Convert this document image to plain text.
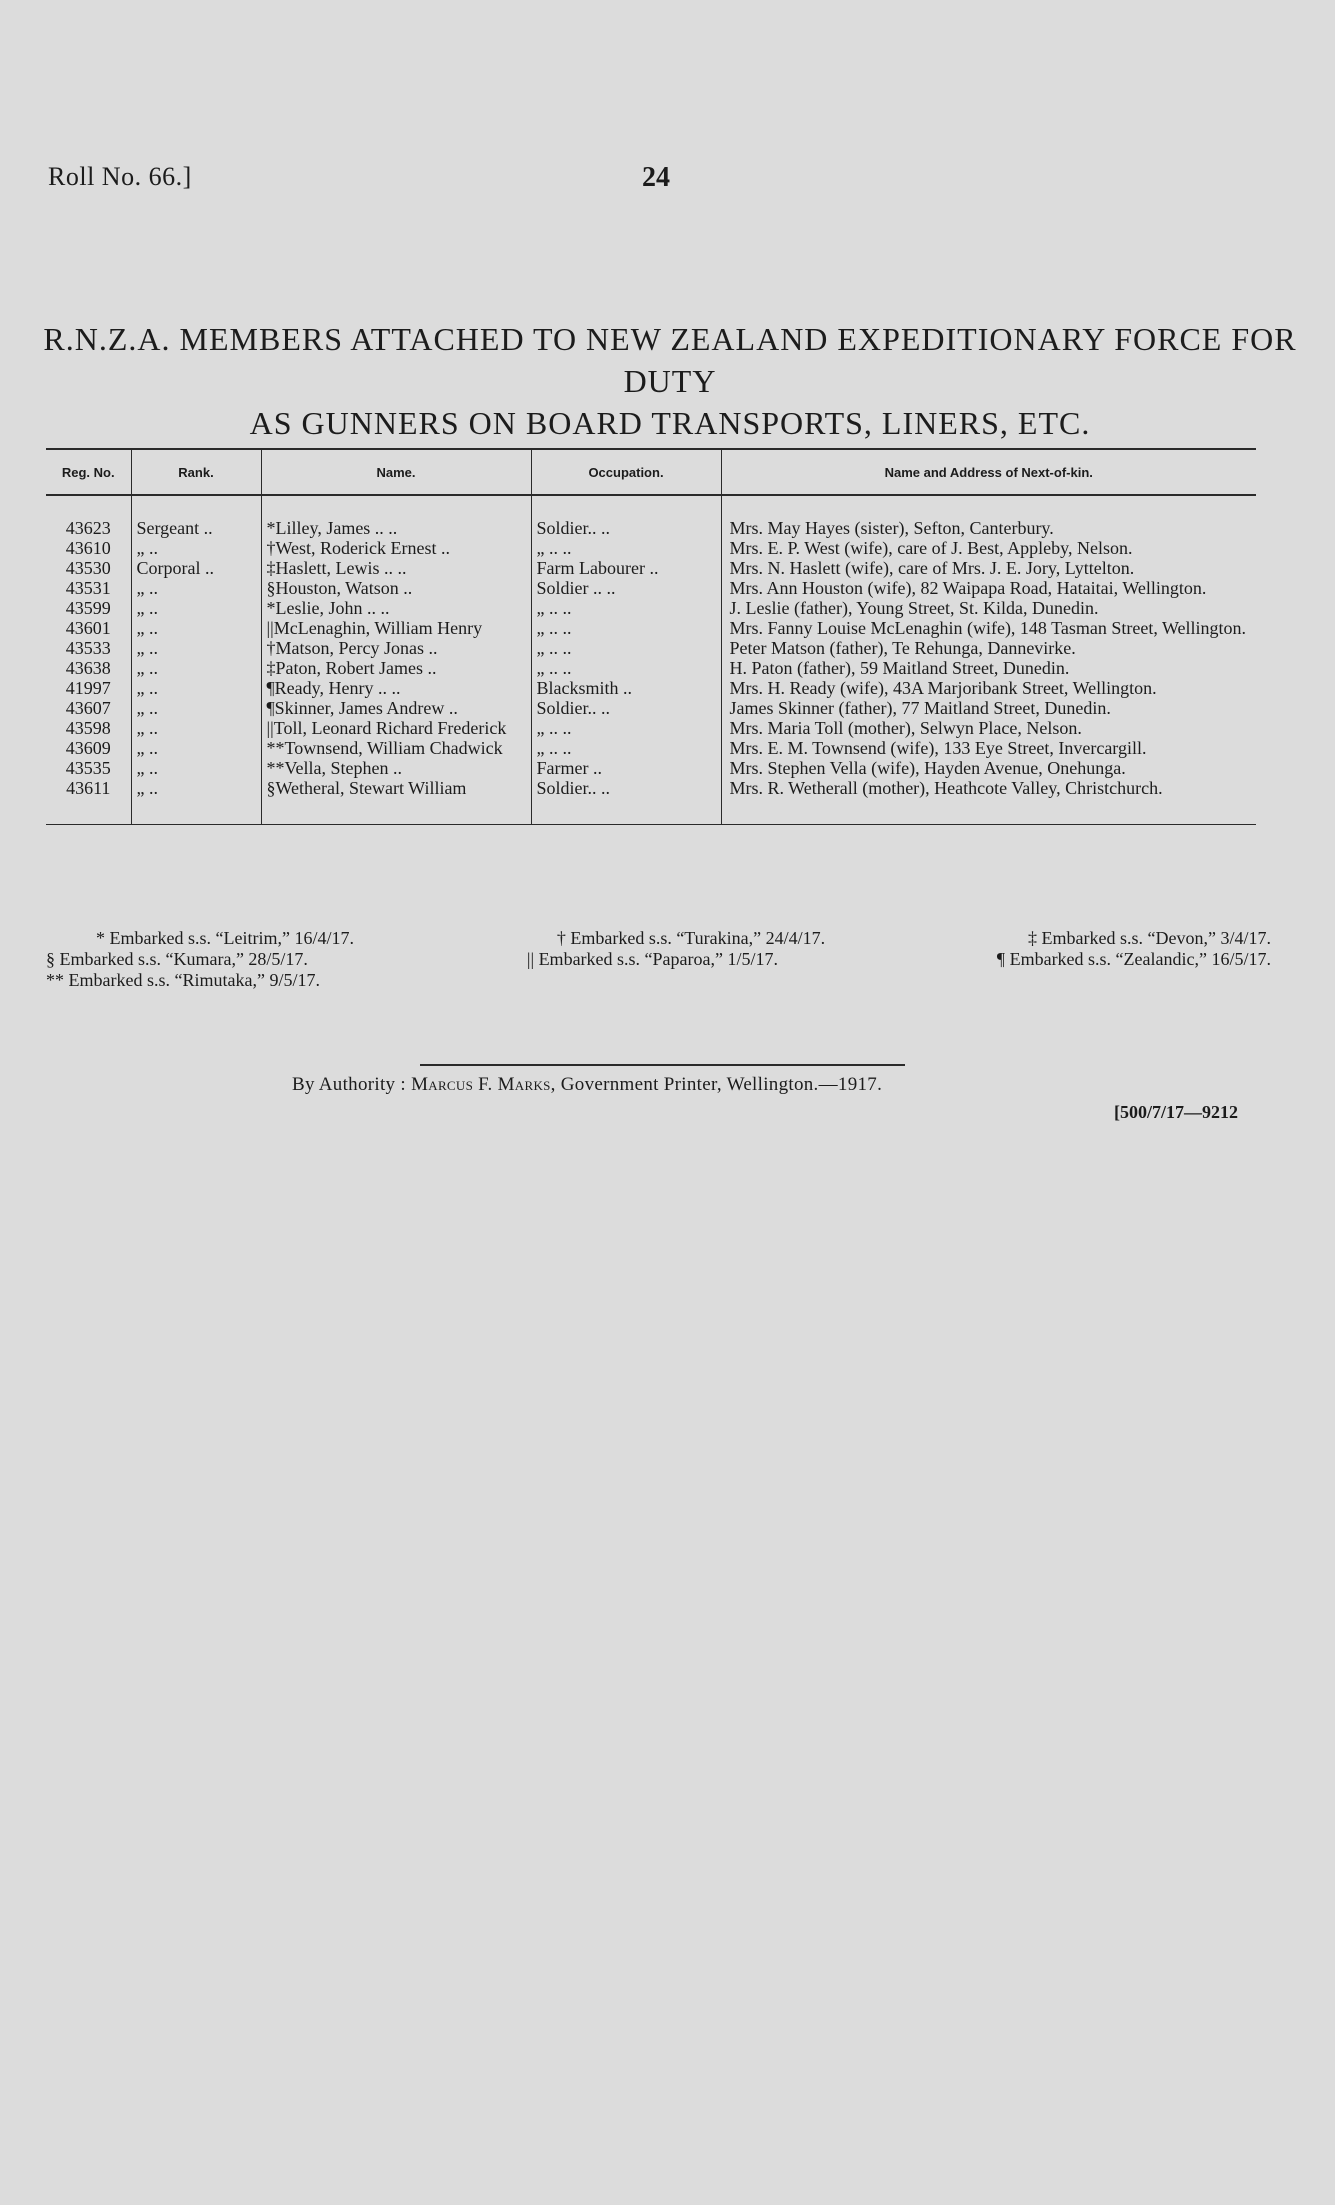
Roll No. 66.]	24
R.N.Z.A. MEMBERS ATTACHED TO NEW ZEALAND EXPEDITIONARY FORCE FOR DUTY
AS GUNNERS ON BOARD TRANSPORTS, LINERS, ETC.
Reg. No.	Rank.	Name.	Occupation.	Name and Address of Next-of-kin.

43623	Sergeant ..	*Lilley, James .. ..	Soldier.. ..	Mrs. May Hayes (sister), Sefton, Canterbury.
43610	„ ..	†West, Roderick Ernest ..	„ .. ..	Mrs. E. P. West (wife), care of J. Best, Appleby, Nelson.
43530	Corporal ..	‡Haslett, Lewis .. ..	Farm Labourer ..	Mrs. N. Haslett (wife), care of Mrs. J. E. Jory, Lyttelton.
43531	„ ..	§Houston, Watson ..	Soldier .. ..	Mrs. Ann Houston (wife), 82 Waipapa Road, Hataitai, Wellington.
43599	„ ..	*Leslie, John .. ..	„ .. ..	J. Leslie (father), Young Street, St. Kilda, Dunedin.
43601	„ ..	||McLenaghin, William Henry	„ .. ..	Mrs. Fanny Louise McLenaghin (wife), 148 Tasman Street, Wellington.
43533	„ ..	†Matson, Percy Jonas ..	„ .. ..	Peter Matson (father), Te Rehunga, Dannevirke.
43638	„ ..	‡Paton, Robert James ..	„ .. ..	H. Paton (father), 59 Maitland Street, Dunedin.
41997	„ ..	¶Ready, Henry .. ..	Blacksmith ..	Mrs. H. Ready (wife), 43A Marjoribank Street, Wellington.
43607	„ ..	¶Skinner, James Andrew ..	Soldier.. ..	James Skinner (father), 77 Maitland Street, Dunedin.
43598	„ ..	||Toll, Leonard Richard Frederick	„ .. ..	Mrs. Maria Toll (mother), Selwyn Place, Nelson.
43609	„ ..	**Townsend, William Chadwick	„ .. ..	Mrs. E. M. Townsend (wife), 133 Eye Street, Invercargill.
43535	„ ..	**Vella, Stephen ..	Farmer ..	Mrs. Stephen Vella (wife), Hayden Avenue, Onehunga.
43611	„ ..	§Wetheral, Stewart William	Soldier.. ..	Mrs. R. Wetherall (mother), Heathcote Valley, Christchurch.

* Embarked s.s. “Leitrim,” 16/4/17.	† Embarked s.s. “Turakina,” 24/4/17.	‡ Embarked s.s. “Devon,” 3/4/17.
§ Embarked s.s. “Kumara,” 28/5/17.	|| Embarked s.s. “Paparoa,” 1/5/17.	¶ Embarked s.s. “Zealandic,” 16/5/17.
** Embarked s.s. “Rimutaka,” 9/5/17.
By Authority : Marcus F. Marks, Government Printer, Wellington.—1917.
[500/7/17—9212
